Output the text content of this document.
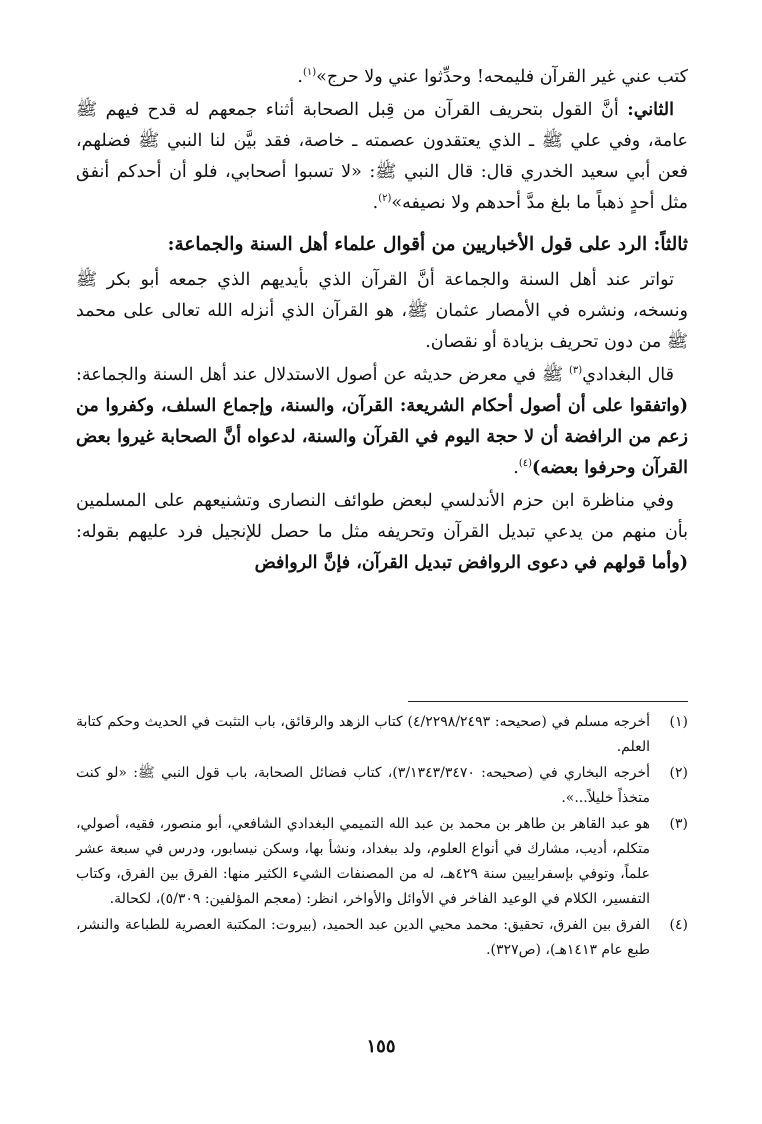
كتب عني غير القرآن فليمحه! وحدِّثوا عني ولا حرج»$^{(١)}$.

الثاني: أنَّ القول بتحريف القرآن من قِبل الصحابة أثناء جمعهم له قدح فيهم ﷺ عامة، وفي علي ﷺ ـ الذي يعتقدون عصمته ـ خاصة، فقد بيَّن لنا النبي ﷺ فضلهم، فعن أبي سعيد الخدري قال: قال النبي ﷺ: «لا تسبوا أصحابي، فلو أن أحدكم أنفق مثل أحدٍ ذهباً ما بلغ مدَّ أحدهم ولا نصيفه»$^{(٢)}$.

ثالثاً: الرد على قول الأخباريين من أقوال علماء أهل السنة والجماعة:

تواتر عند أهل السنة والجماعة أنَّ القرآن الذي بأيديهم الذي جمعه أبو بكر ﷺ ونسخه، ونشره في الأمصار عثمان ﷺ، هو القرآن الذي أنزله الله تعالى على محمد ﷺ من دون تحريف بزيادة أو نقصان.

قال البغدادي$^{(٣)}$ ﷺ في معرض حديثه عن أصول الاستدلال عند أهل السنة والجماعة: (واتفقوا على أن أصول أحكام الشريعة: القرآن، والسنة، وإجماع السلف، وكفروا من زعم من الرافضة أن لا حجة اليوم في القرآن والسنة، لدعواه أنَّ الصحابة غيروا بعض القرآن وحرفوا بعضه)$^{(٤)}$.

وفي مناظرة ابن حزم الأندلسي لبعض طوائف النصارى وتشنيعهم على المسلمين بأن منهم من يدعي تبديل القرآن وتحريفه مثل ما حصل للإنجيل فرد عليهم بقوله: (وأما قولهم في دعوى الروافض تبديل القرآن، فإنَّ الروافض

(١)
أخرجه مسلم في (صحيحه: ٤/٢٢٩٨/٢٤٩٣) كتاب الزهد والرقائق، باب التثبت في الحديث وحكم كتابة العلم.
(٢)
أخرجه البخاري في (صحيحه: ٣/١٣٤٣/٣٤٧٠)، كتاب فضائل الصحابة، باب قول النبي ﷺ: «لو كنت متخذاً خليلاً...».
(٣)
هو عبد القاهر بن طاهر بن محمد بن عبد الله التميمي البغدادي الشافعي، أبو منصور، فقيه، أصولي، متكلم، أديب، مشارك في أنواع العلوم، ولد ببغداد، ونشأ بها، وسكن نيسابور، ودرس في سبعة عشر علماً، وتوفي بإسفراييين سنة ٤٢٩هـ، له من المصنفات الشيء الكثير منها: الفرق بين الفرق، وكتاب التفسير، الكلام في الوعيد الفاخر في الأوائل والأواخر، انظر: (معجم المؤلفين: ٥/٣٠٩)، لكحالة.
(٤)
الفرق بين الفرق، تحقيق: محمد محيي الدين عبد الحميد، (بيروت: المكتبة العصرية للطباعة والنشر، طبع عام ١٤١٣هـ)، (ص٣٢٧).
١٥٥
